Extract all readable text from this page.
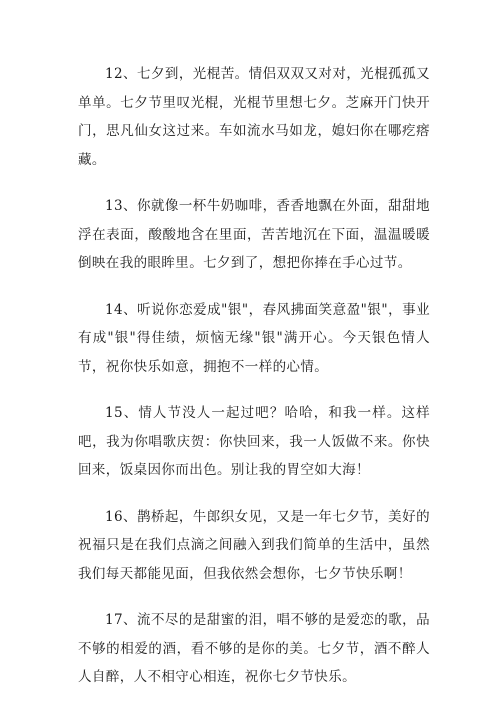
12、七夕到，光棍苦。情侣双双又对对，光棍孤孤又单单。七夕节里叹光棍，光棍节里想七夕。芝麻开门快开门，思凡仙女这过来。车如流水马如龙，媳妇你在哪疙瘩藏。

13、你就像一杯牛奶咖啡，香香地飘在外面，甜甜地浮在表面，酸酸地含在里面，苦苦地沉在下面，温温暖暖倒映在我的眼眸里。七夕到了，想把你捧在手心过节。

14、听说你恋爱成"银"，春风拂面笑意盈"银"，事业有成"银"得佳绩，烦恼无缘"银"满开心。今天银色情人节，祝你快乐如意，拥抱不一样的心情。

15、情人节没人一起过吧？哈哈，和我一样。这样吧，我为你唱歌庆贺：你快回来，我一人饭做不来。你快回来，饭桌因你而出色。别让我的胃空如大海！

16、鹊桥起，牛郎织女见，又是一年七夕节，美好的祝福只是在我们点滴之间融入到我们简单的生活中，虽然我们每天都能见面，但我依然会想你，七夕节快乐啊！

17、流不尽的是甜蜜的泪，唱不够的是爱恋的歌，品不够的相爱的酒，看不够的是你的美。七夕节，酒不醉人人自醉，人不相守心相连，祝你七夕节快乐。
